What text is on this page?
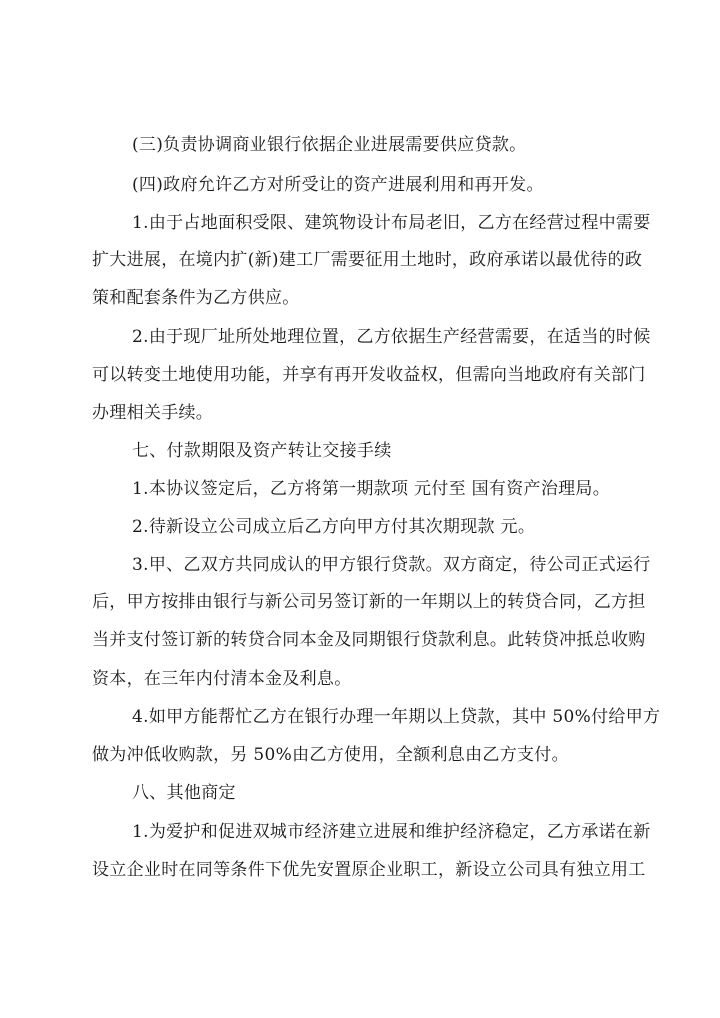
(三)负责协调商业银行依据企业进展需要供应贷款。
(四)政府允许乙方对所受让的资产进展利用和再开发。
1.由于占地面积受限、建筑物设计布局老旧，乙方在经营过程中需要
扩大进展，在境内扩(新)建工厂需要征用土地时，政府承诺以最优待的政
策和配套条件为乙方供应。
2.由于现厂址所处地理位置，乙方依据生产经营需要，在适当的时候
可以转变土地使用功能，并享有再开发收益权，但需向当地政府有关部门
办理相关手续。
七、付款期限及资产转让交接手续
1.本协议签定后，乙方将第一期款项 元付至 国有资产治理局。
2.待新设立公司成立后乙方向甲方付其次期现款 元。
3.甲、乙双方共同成认的甲方银行贷款。双方商定，待公司正式运行
后，甲方按排由银行与新公司另签订新的一年期以上的转贷合同，乙方担
当并支付签订新的转贷合同本金及同期银行贷款利息。此转贷冲抵总收购
资本，在三年内付清本金及利息。
4.如甲方能帮忙乙方在银行办理一年期以上贷款，其中 50%付给甲方
做为冲低收购款，另 50%由乙方使用，全额利息由乙方支付。
八、其他商定
1.为爱护和促进双城市经济建立进展和维护经济稳定，乙方承诺在新
设立企业时在同等条件下优先安置原企业职工，新设立公司具有独立用工
